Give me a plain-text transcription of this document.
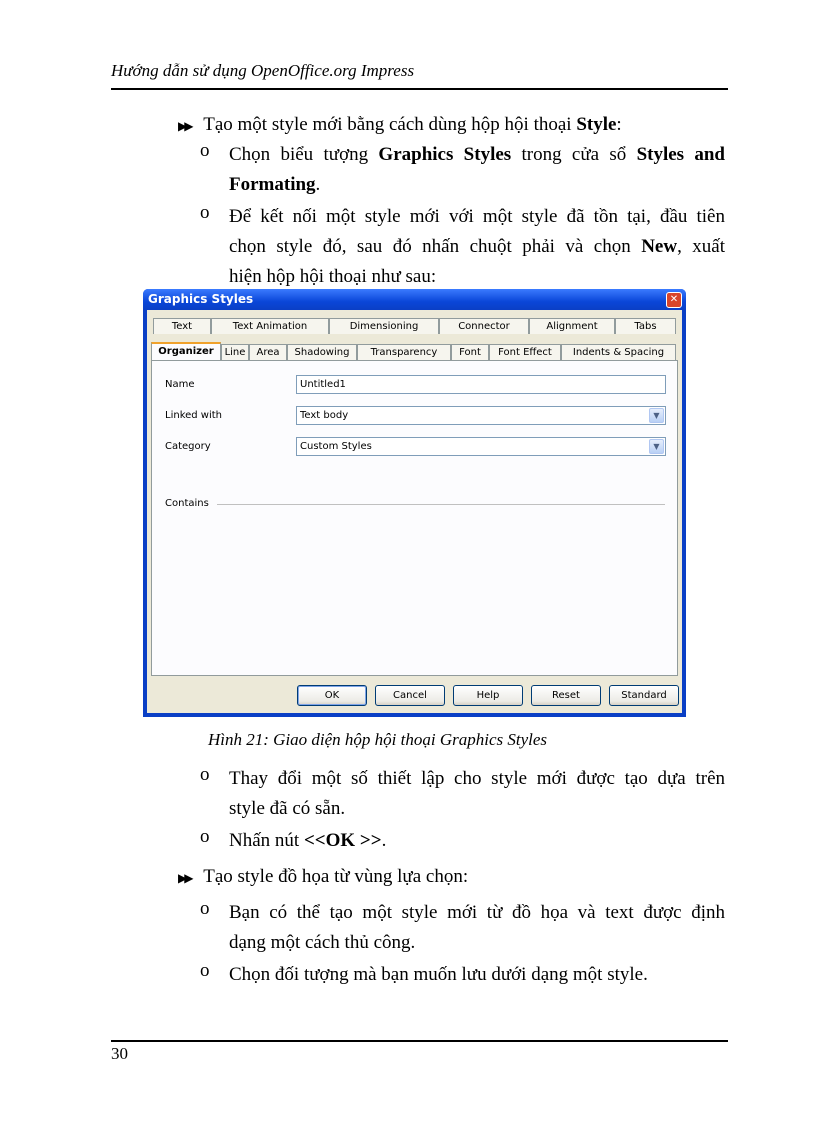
Hướng dẫn sử dụng OpenOffice.org Impress
▶▶ Tạo một style mới bằng cách dùng hộp hội thoại Style:
o Chọn biểu tượng Graphics Styles trong cửa sổ Styles and
Formating.
o Để kết nối một style mới với một style đã tồn tại, đầu tiên
chọn style đó, sau đó nhấn chuột phải và chọn New, xuất
hiện hộp hội thoại như sau:
Graphics Styles	✕
Text	Text Animation	Dimensioning	Connector	Alignment	Tabs
Organizer	Line	Area	Shadowing	Transparency	Font	Font Effect	Indents & Spacing
Name	Untitled1
Linked with	Text body	▼
Category	Custom Styles	▼
Contains
OK	Cancel	Help	Reset	Standard
Hình 21: Giao diện hộp hội thoại Graphics Styles
o Thay đổi một số thiết lập cho style mới được tạo dựa trên
style đã có sẵn.
o Nhấn nút <<OK >>.
▶▶ Tạo style đồ họa từ vùng lựa chọn:
o Bạn có thể tạo một style mới từ đồ họa và text được định
dạng một cách thủ công.
o Chọn đối tượng mà bạn muốn lưu dưới dạng một style.
30
